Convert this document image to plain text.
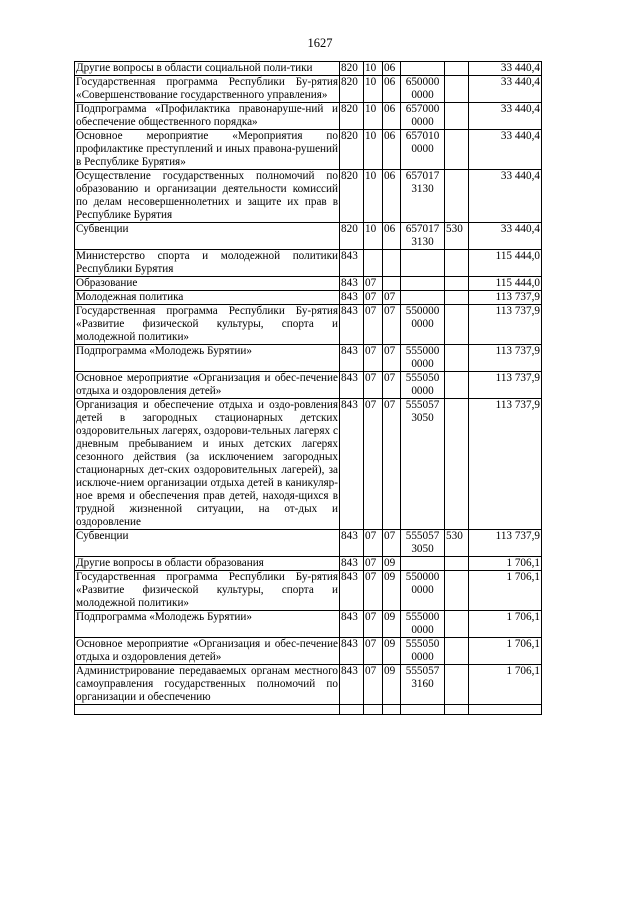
1627
Другие вопросы в области социальной поли-тики	820	10	06			33 440,4
Государственная программа Республики Бу-рятия «Совершенствование государственного управления»	820	10	06	650000 0000		33 440,4
Подпрограмма «Профилактика правонаруше-ний и обеспечение общественного порядка»	820	10	06	657000 0000		33 440,4
Основное мероприятие «Мероприятия по профилактике преступлений и иных правона-рушений в Республике Бурятия»	820	10	06	657010 0000		33 440,4
Осуществление государственных полномочий по образованию и организации деятельности комиссий по делам несовершеннолетних и защите их прав в Республике Бурятия	820	10	06	657017 3130		33 440,4
Субвенции	820	10	06	657017 3130	530	33 440,4
Министерство спорта и молодежной политики Республики Бурятия	843					115 444,0
Образование	843	07				115 444,0
Молодежная политика	843	07	07			113 737,9
Государственная программа Республики Бу-рятия «Развитие физической культуры, спорта и молодежной политики»	843	07	07	550000 0000		113 737,9
Подпрограмма «Молодежь Бурятии»	843	07	07	555000 0000		113 737,9
Основное мероприятие «Организация и обес-печение отдыха и оздоровления детей»	843	07	07	555050 0000		113 737,9
Организация и обеспечение отдыха и оздо-ровления детей в загородных стационарных детских оздоровительных лагерях, оздорови-тельных лагерях с дневным пребыванием и иных детских лагерях сезонного действия (за исключением загородных стационарных дет-ских оздоровительных лагерей), за исключе-нием организации отдыха детей в каникуляр-ное время и обеспечения прав детей, находя-щихся в трудной жизненной ситуации, на от-дых и оздоровление	843	07	07	555057 3050		113 737,9
Субвенции	843	07	07	555057 3050	530	113 737,9
Другие вопросы в области образования	843	07	09			1 706,1
Государственная программа Республики Бу-рятия «Развитие физической культуры, спорта и молодежной политики»	843	07	09	550000 0000		1 706,1
Подпрограмма «Молодежь Бурятии»	843	07	09	555000 0000		1 706,1
Основное мероприятие «Организация и обес-печение отдыха и оздоровления детей»	843	07	09	555050 0000		1 706,1
Администрирование передаваемых органам местного самоуправления государственных полномочий по организации и обеспечению	843	07	09	555057 3160		1 706,1
